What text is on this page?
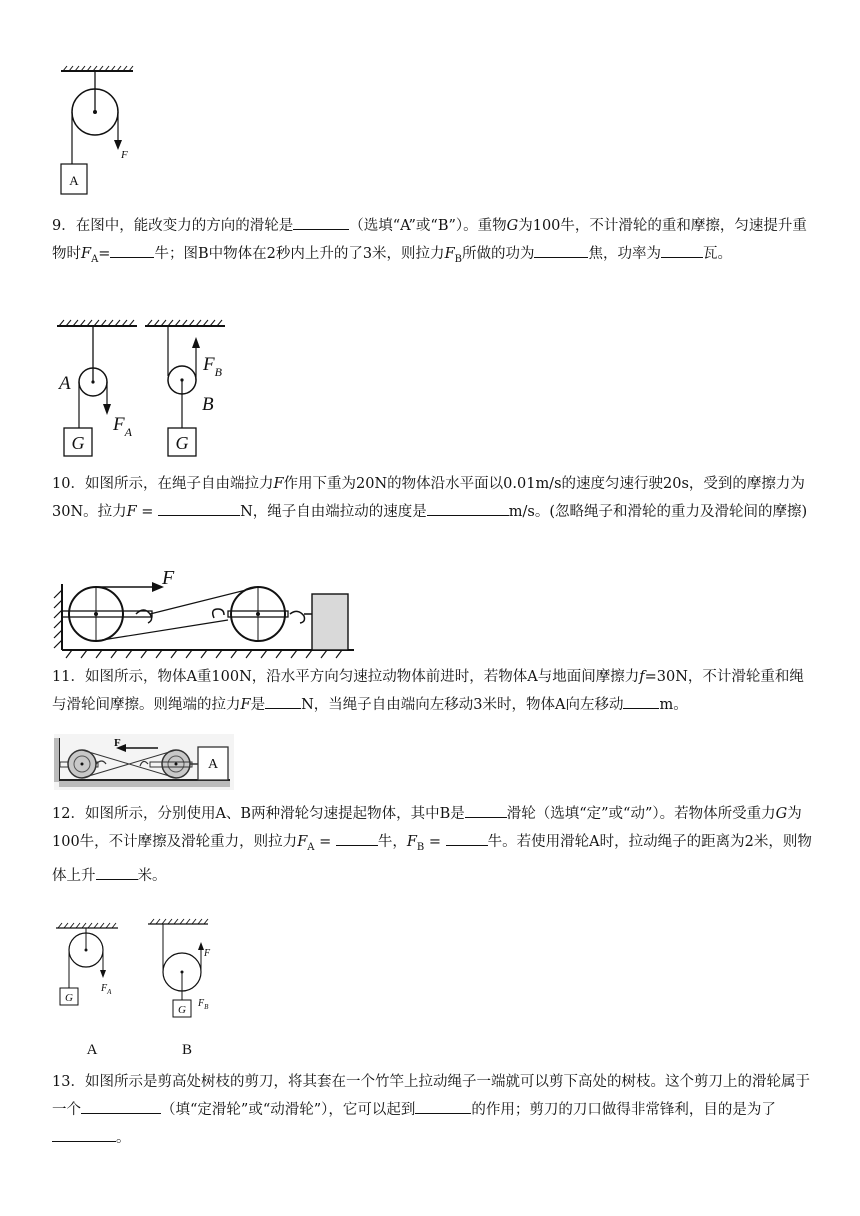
A
F
9．在图中，能改变力的方向的滑轮是	（选填“A”或“B”）。重物G为100牛，不计滑轮的重和摩擦，匀速提升重物时$F_A=$	牛；图B中物体在2秒内上升的了3米，则拉力$F_B$所做的功为	焦，功率为	瓦。
A
G
$F_A$
$F_B$
B
G
10．如图所示，在绳子自由端拉力F作用下重为20N的物体沿水平面以0.01m/s的速度匀速行驶20s，受到的摩擦力为30N。拉力F =	N，绳子自由端拉动的速度是	m/s。(忽略绳子和滑轮的重力及滑轮间的摩擦)
F
11．如图所示，物体A重100N，沿水平方向匀速拉动物体前进时，若物体A与地面间摩擦力f=30N，不计滑轮重和绳与滑轮间摩擦。则绳端的拉力F是 N，当绳子自由端向左移动3米时，物体A向左移动 m。
F
A
12．如图所示，分别使用A、B两种滑轮匀速提起物体，其中B是	滑轮（选填“定”或“动”）。若物体所受重力G为100牛，不计摩擦及滑轮重力，则拉力$F_A$ =	牛，$F_B$ =	牛。若使用滑轮A时，拉动绳子的距离为2米，则物体上升	米。
G
$F_A$
F
G
$F_B$
A	B
13．如图所示是剪高处树枝的剪刀，将其套在一个竹竿上拉动绳子一端就可以剪下高处的树枝。这个剪刀上的滑轮属于一个	（填“定滑轮”或“动滑轮”），它可以起到	的作用；剪刀的刀口做得非常锋利，目的是为了。
